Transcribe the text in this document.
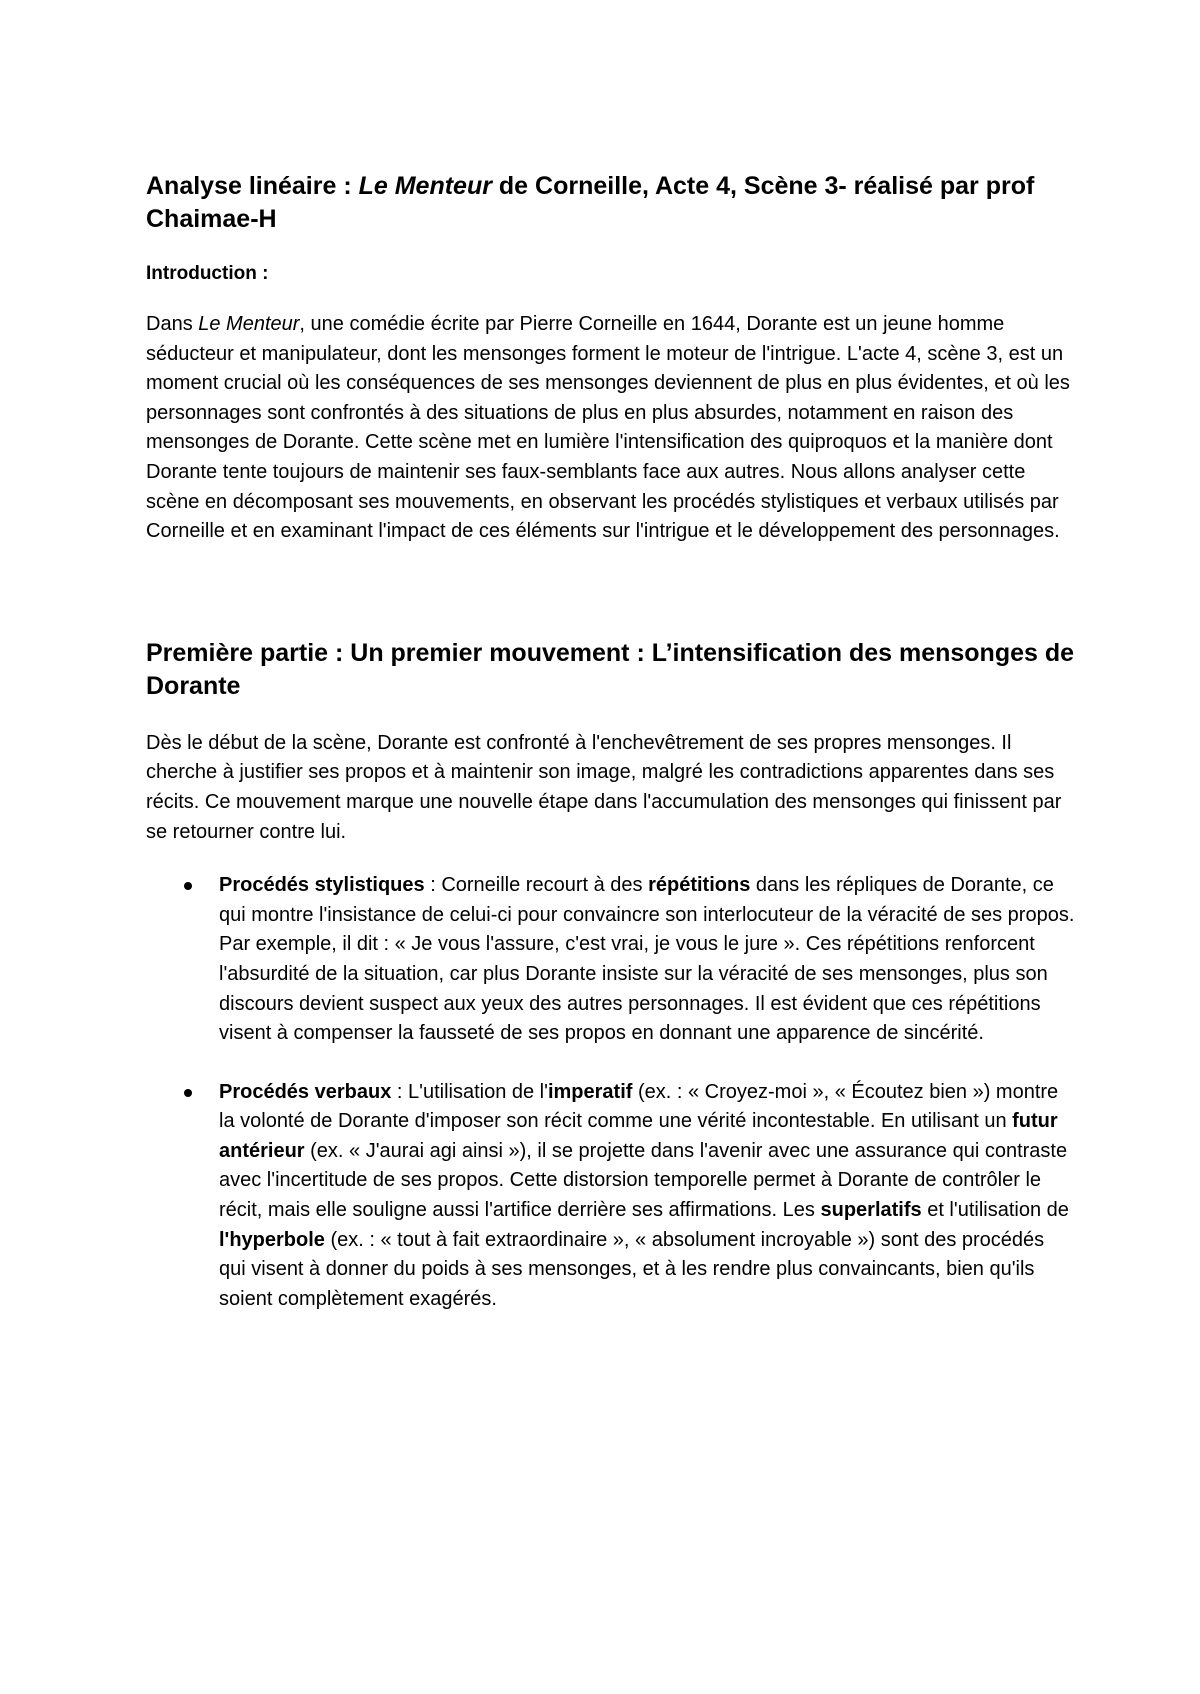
Analyse linéaire : Le Menteur de Corneille, Acte 4, Scène 3- réalisé par prof Chaimae-H
Introduction :

Dans Le Menteur, une comédie écrite par Pierre Corneille en 1644, Dorante est un jeune homme séducteur et manipulateur, dont les mensonges forment le moteur de l'intrigue. L'acte 4, scène 3, est un moment crucial où les conséquences de ses mensonges deviennent de plus en plus évidentes, et où les personnages sont confrontés à des situations de plus en plus absurdes, notamment en raison des mensonges de Dorante. Cette scène met en lumière l'intensification des quiproquos et la manière dont Dorante tente toujours de maintenir ses faux-semblants face aux autres. Nous allons analyser cette scène en décomposant ses mouvements, en observant les procédés stylistiques et verbaux utilisés par Corneille et en examinant l'impact de ces éléments sur l'intrigue et le développement des personnages.

Première partie : Un premier mouvement : L’intensification des mensonges de Dorante

Dès le début de la scène, Dorante est confronté à l'enchevêtrement de ses propres mensonges. Il cherche à justifier ses propos et à maintenir son image, malgré les contradictions apparentes dans ses récits. Ce mouvement marque une nouvelle étape dans l'accumulation des mensonges qui finissent par se retourner contre lui.

Procédés stylistiques : Corneille recourt à des répétitions dans les répliques de Dorante, ce qui montre l'insistance de celui-ci pour convaincre son interlocuteur de la véracité de ses propos. Par exemple, il dit : « Je vous l'assure, c'est vrai, je vous le jure ». Ces répétitions renforcent l'absurdité de la situation, car plus Dorante insiste sur la véracité de ses mensonges, plus son discours devient suspect aux yeux des autres personnages. Il est évident que ces répétitions visent à compenser la fausseté de ses propos en donnant une apparence de sincérité.
Procédés verbaux : L'utilisation de l'imperatif (ex. : « Croyez-moi », « Écoutez bien ») montre la volonté de Dorante d'imposer son récit comme une vérité incontestable. En utilisant un futur antérieur (ex. « J'aurai agi ainsi »), il se projette dans l'avenir avec une assurance qui contraste avec l'incertitude de ses propos. Cette distorsion temporelle permet à Dorante de contrôler le récit, mais elle souligne aussi l'artifice derrière ses affirmations. Les superlatifs et l'utilisation de l'hyperbole (ex. : « tout à fait extraordinaire », « absolument incroyable ») sont des procédés qui visent à donner du poids à ses mensonges, et à les rendre plus convaincants, bien qu'ils soient complètement exagérés.
